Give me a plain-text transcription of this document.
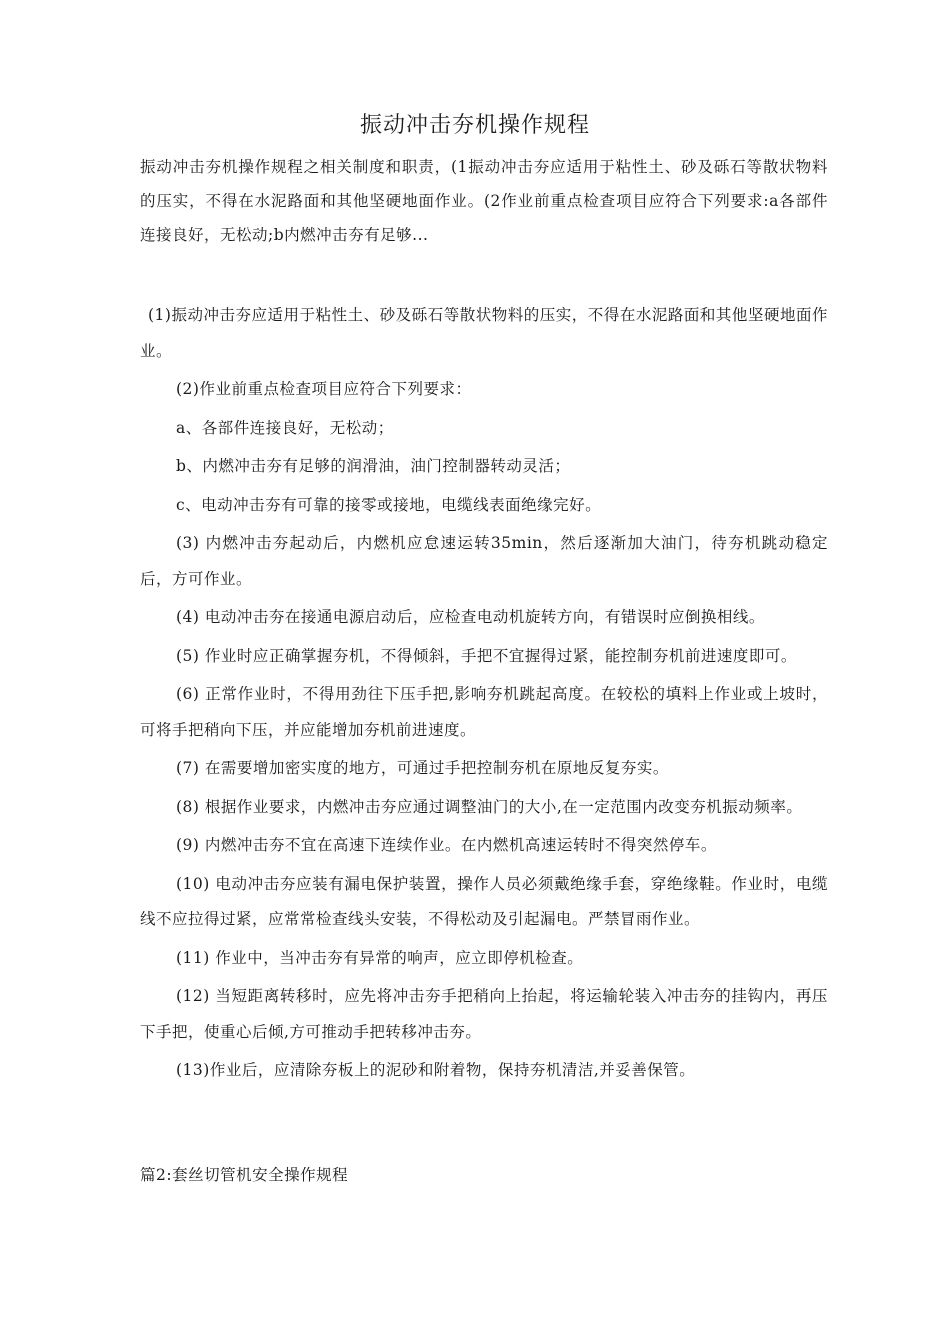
振动冲击夯机操作规程
振动冲击夯机操作规程之相关制度和职责，(1振动冲击夯应适用于粘性土、砂及砾石等散状物料的压实，不得在水泥路面和其他坚硬地面作业。(2作业前重点检查项目应符合下列要求:a各部件连接良好，无松动;b内燃冲击夯有足够...

(1)振动冲击夯应适用于粘性土、砂及砾石等散状物料的压实，不得在水泥路面和其他坚硬地面作业。

(2)作业前重点检查项目应符合下列要求：

a、各部件连接良好，无松动；

b、内燃冲击夯有足够的润滑油，油门控制器转动灵活；

c、电动冲击夯有可靠的接零或接地，电缆线表面绝缘完好。

(3) 内燃冲击夯起动后，内燃机应怠速运转35min，然后逐渐加大油门，待夯机跳动稳定后，方可作业。

(4) 电动冲击夯在接通电源启动后，应检查电动机旋转方向，有错误时应倒换相线。

(5) 作业时应正确掌握夯机，不得倾斜，手把不宜握得过紧，能控制夯机前进速度即可。

(6) 正常作业时，不得用劲往下压手把,影响夯机跳起高度。在较松的填料上作业或上坡时，可将手把稍向下压，并应能增加夯机前进速度。

(7) 在需要增加密实度的地方，可通过手把控制夯机在原地反复夯实。

(8) 根据作业要求，内燃冲击夯应通过调整油门的大小,在一定范围内改变夯机振动频率。

(9) 内燃冲击夯不宜在高速下连续作业。在内燃机高速运转时不得突然停车。

(10) 电动冲击夯应装有漏电保护装置，操作人员必须戴绝缘手套，穿绝缘鞋。作业时，电缆线不应拉得过紧，应常常检查线头安装，不得松动及引起漏电。严禁冒雨作业。

(11) 作业中，当冲击夯有异常的响声，应立即停机检查。

(12) 当短距离转移时，应先将冲击夯手把稍向上抬起，将运输轮装入冲击夯的挂钩内，再压下手把，使重心后倾,方可推动手把转移冲击夯。

(13)作业后，应清除夯板上的泥砂和附着物，保持夯机清洁,并妥善保管。

篇2:套丝切管机安全操作规程
